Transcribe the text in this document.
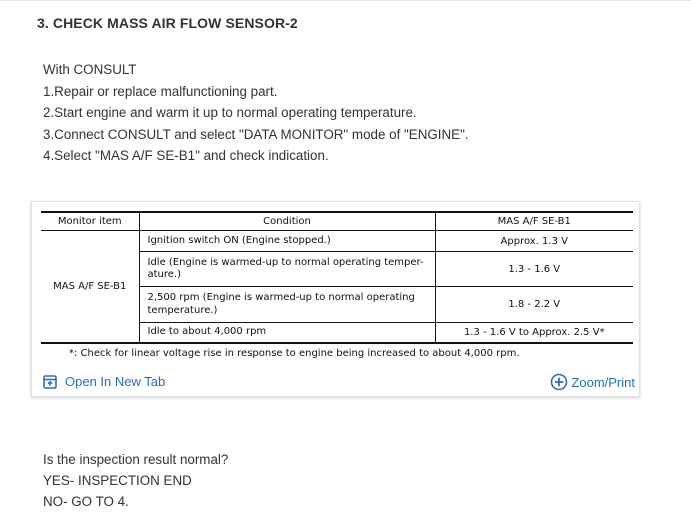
3. CHECK MASS AIR FLOW SENSOR-2
With CONSULT
1.Repair or replace malfunctioning part.
2.Start engine and warm it up to normal operating temperature.
3.Connect CONSULT and select "DATA MONITOR" mode of "ENGINE".
4.Select "MAS A/F SE-B1" and check indication.
Monitor item	Condition	MAS A/F SE-B1
MAS A/F SE-B1	Ignition switch ON (Engine stopped.)	Approx. 1.3 V

	Idle (Engine is warmed-up to normal operating temper-
ature.)	1.3 - 1.6 V

	2,500 rpm (Engine is warmed-up to normal operating
temperature.)	1.8 - 2.2 V
	Idle to about 4,000 rpm	1.3 - 1.6 V to Approx. 2.5 V*
*: Check for linear voltage rise in response to engine being increased to about 4,000 rpm.
Open In New Tab	Zoom/Print
Is the inspection result normal?
YES- INSPECTION END
NO- GO TO 4.
